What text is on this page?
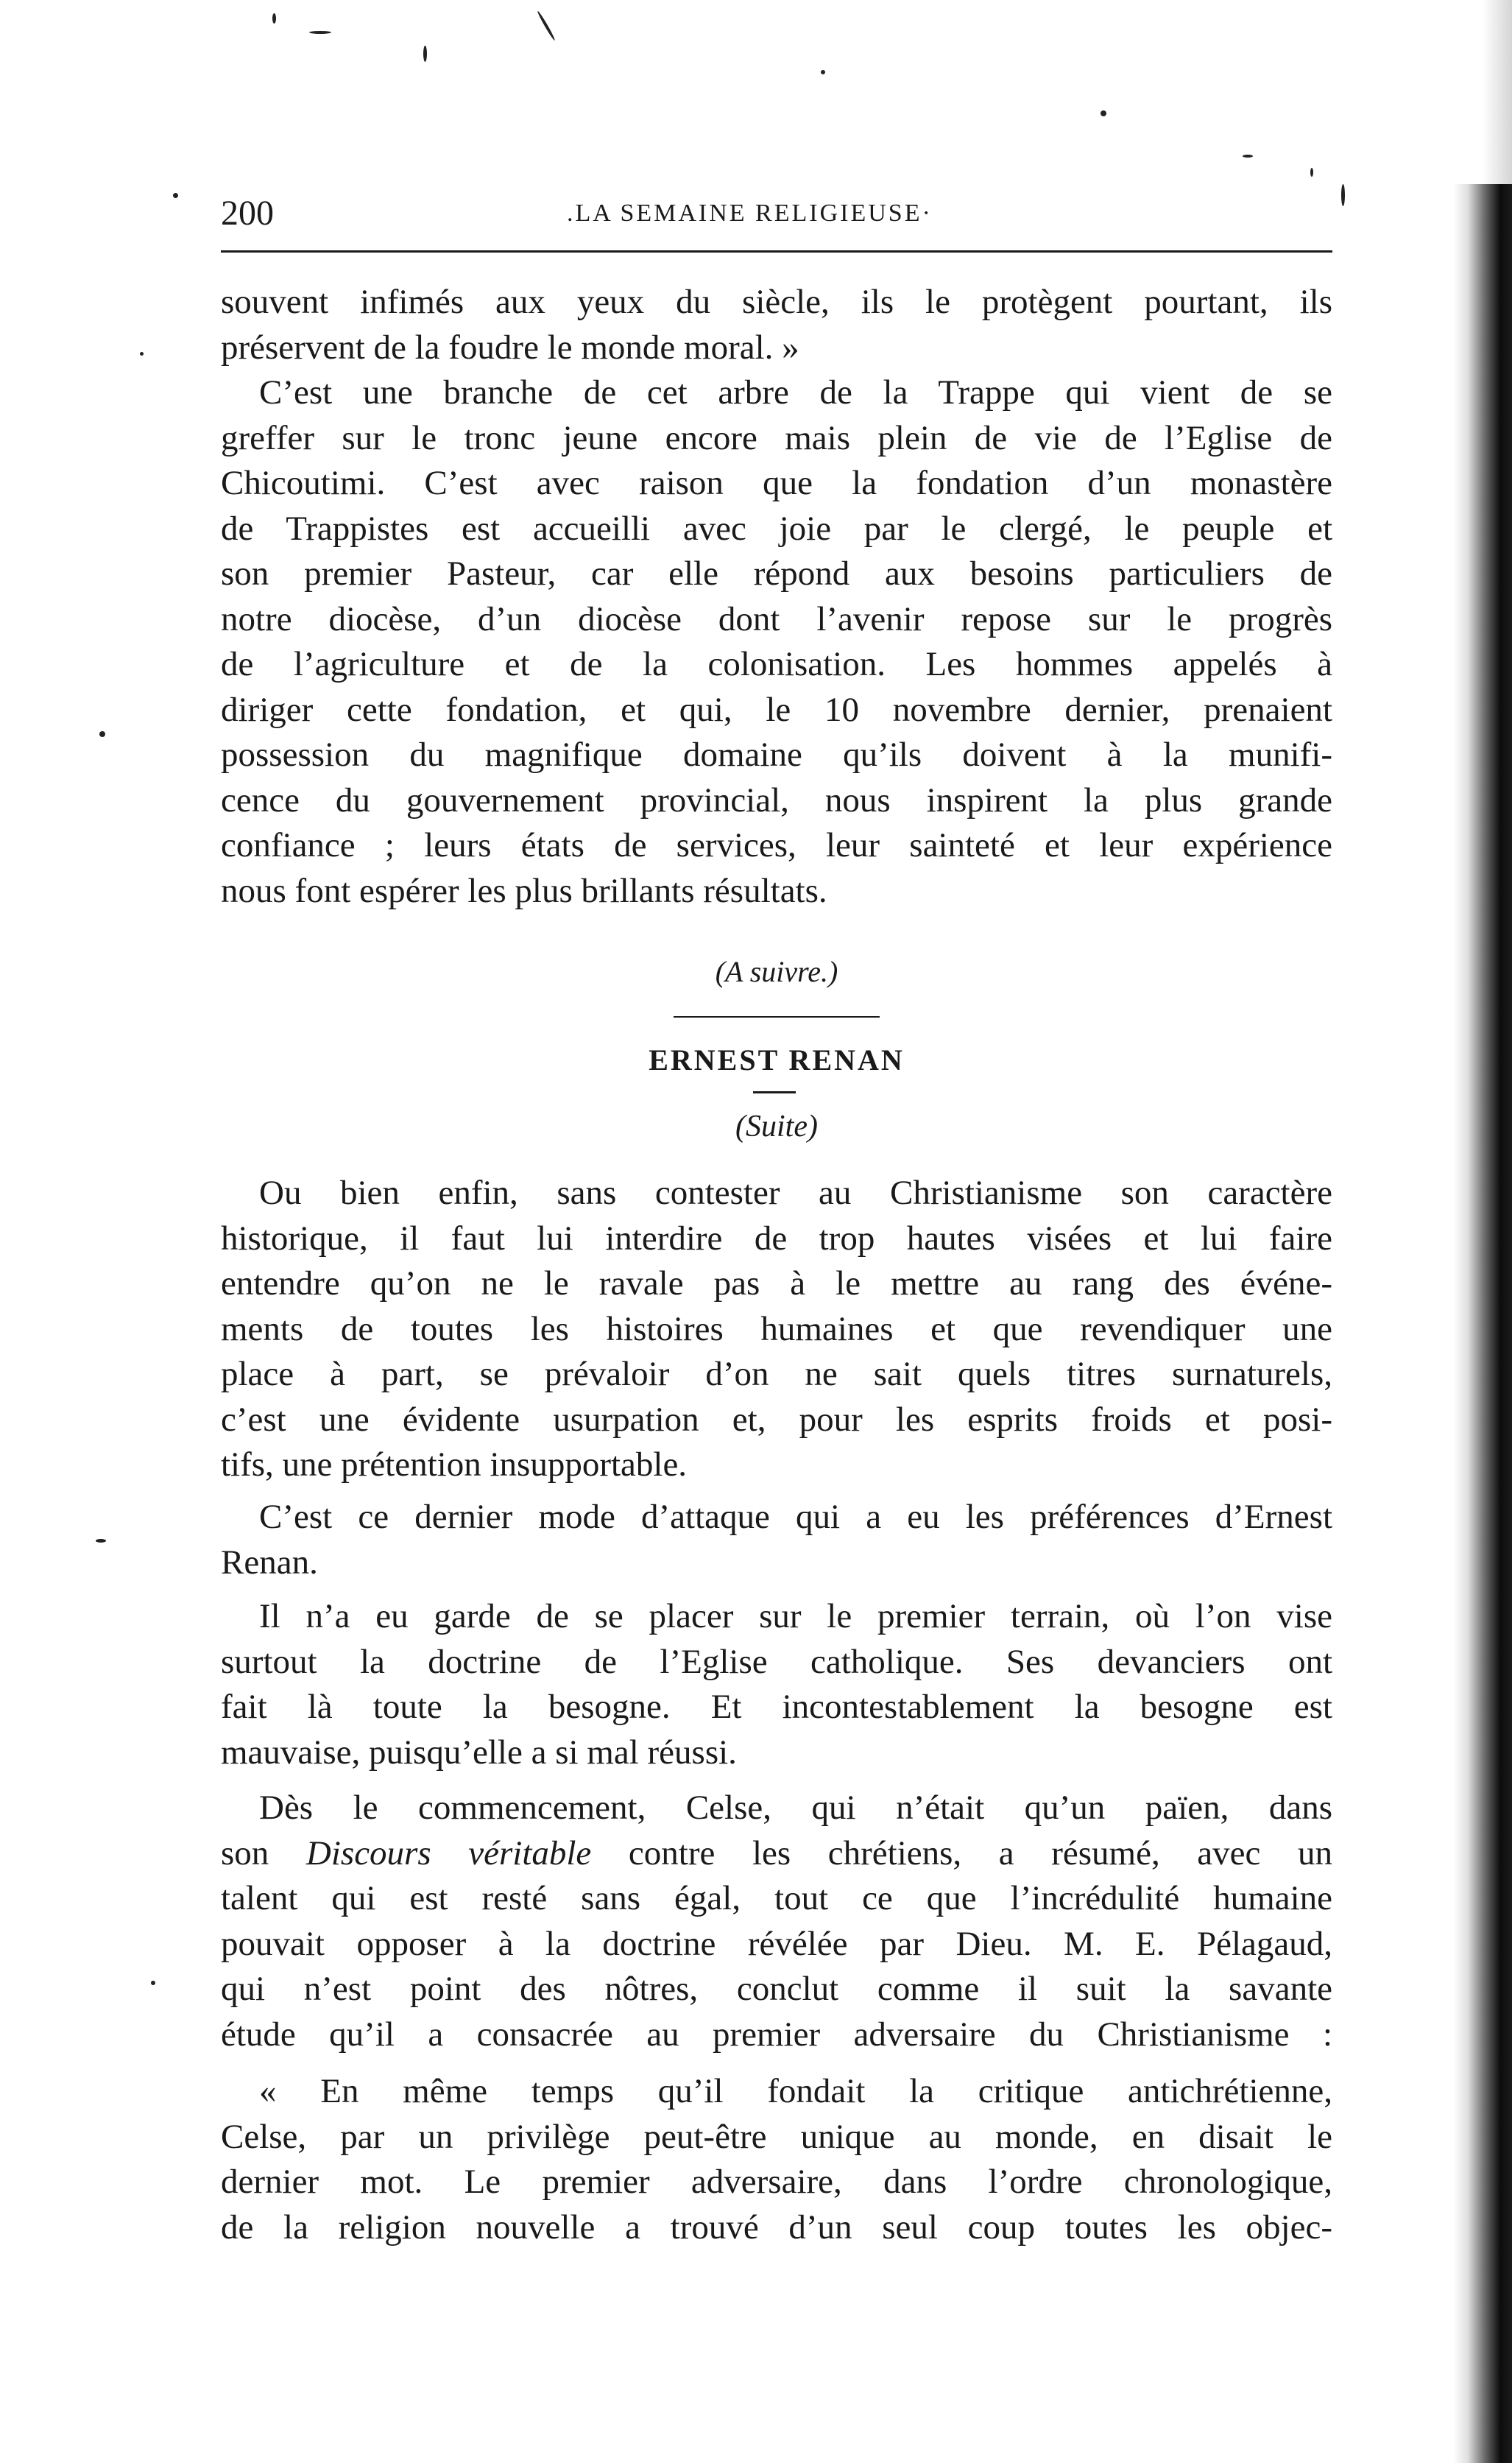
200	.LA SEMAINE RELIGIEUSE·
souvent infimés aux yeux du siècle, ils le protègent pourtant, ils
préservent de la foudre le monde moral. »
C’est une branche de cet arbre de la Trappe qui vient de se
greffer sur le tronc jeune encore mais plein de vie de l’Eglise de
Chicoutimi. C’est avec raison que la fondation d’un monastère
de Trappistes est accueilli avec joie par le clergé, le peuple et
son premier Pasteur, car elle répond aux besoins particuliers de
notre diocèse, d’un diocèse dont l’avenir repose sur le progrès
de l’agriculture et de la colonisation. Les hommes appelés à
diriger cette fondation, et qui, le 10 novembre dernier, prenaient
possession du magnifique domaine qu’ils doivent à la munifi-
cence du gouvernement provincial, nous inspirent la plus grande
confiance ; leurs états de services, leur sainteté et leur expérience
nous font espérer les plus brillants résultats.
(A suivre.)
ERNEST RENAN
(Suite)
Ou bien enfin, sans contester au Christianisme son caractère
historique, il faut lui interdire de trop hautes visées et lui faire
entendre qu’on ne le ravale pas à le mettre au rang des événe-
ments de toutes les histoires humaines et que revendiquer une
place à part, se prévaloir d’on ne sait quels titres surnaturels,
c’est une évidente usurpation et, pour les esprits froids et posi-
tifs, une prétention insupportable.
C’est ce dernier mode d’attaque qui a eu les préférences d’Ernest
Renan.
Il n’a eu garde de se placer sur le premier terrain, où l’on vise
surtout la doctrine de l’Eglise catholique. Ses devanciers ont
fait là toute la besogne. Et incontestablement la besogne est
mauvaise, puisqu’elle a si mal réussi.
Dès le commencement, Celse, qui n’était qu’un païen, dans
son Discours véritable contre les chrétiens, a résumé, avec un
talent qui est resté sans égal, tout ce que l’incrédulité humaine
pouvait opposer à la doctrine révélée par Dieu. M. E. Pélagaud,
qui n’est point des nôtres, conclut comme il suit la savante
étude qu’il a consacrée au premier adversaire du Christianisme :
« En même temps qu’il fondait la critique antichrétienne,
Celse, par un privilège peut-être unique au monde, en disait le
dernier mot. Le premier adversaire, dans l’ordre chronologique,
de la religion nouvelle a trouvé d’un seul coup toutes les objec-
